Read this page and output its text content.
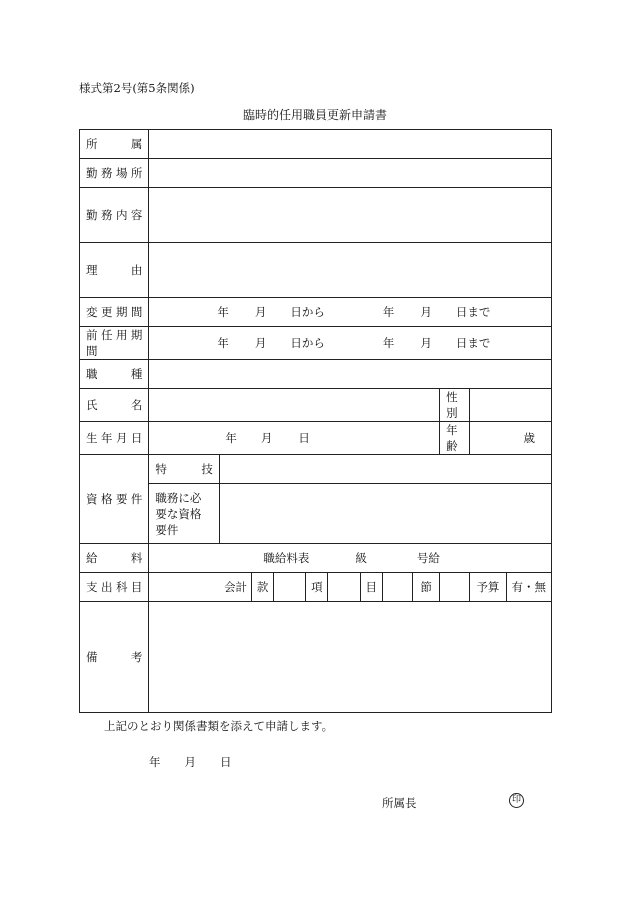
様式第2号(第5条関係)
臨時的任用職員更新申請書
所属												
勤務場所												
勤務内容												
理由												
変更期間	年 月 日から 年 月 日まで											
前任用期間	年 月 日から 年 月 日まで											
職種												
氏名										性別		
生年月日	年 月 日									年齢	歳	
資格要件	特技											
	職務に必要な資格要件											
給料	職給料表 級 号給											
支出科目	会計		款		項		目		節		予算	有・無
備考												
上記のとおり関係書類を添えて申請します。
年 月 日
所属長	印
